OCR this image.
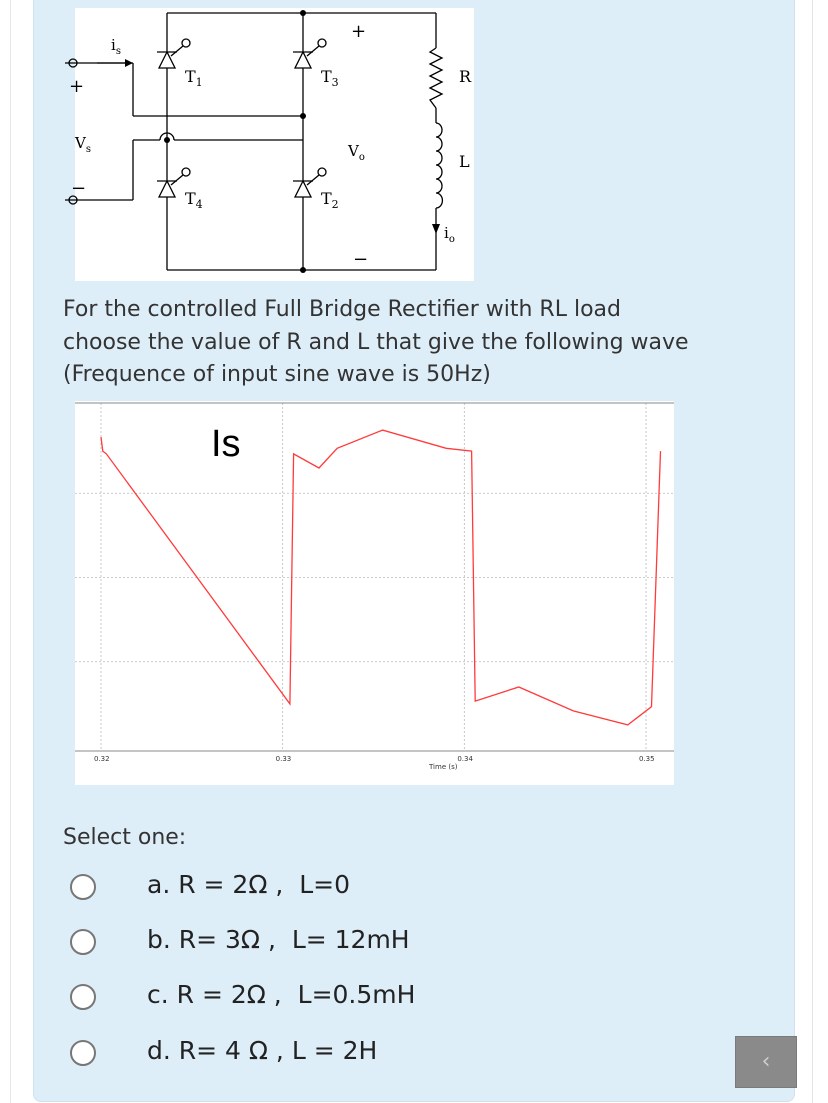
$i_s$
+
$V_s$
−
$T_1$	$T_3$
$T_4$	$T_2$
$V_o$
+
−
R
L
$i_o$

For the controlled Full Bridge Rectifier with RL load choose the value of R and L that give the following wave (Frequence of input sine wave is 50Hz)

Is
0.32	0.33	0.34	0.35
Time (s)
Select one:
a. R = 2Ω ,  L=0
b. R= 3Ω ,  L= 12mH
c. R = 2Ω ,  L=0.5mH
d. R= 4 Ω , L = 2H	‹
